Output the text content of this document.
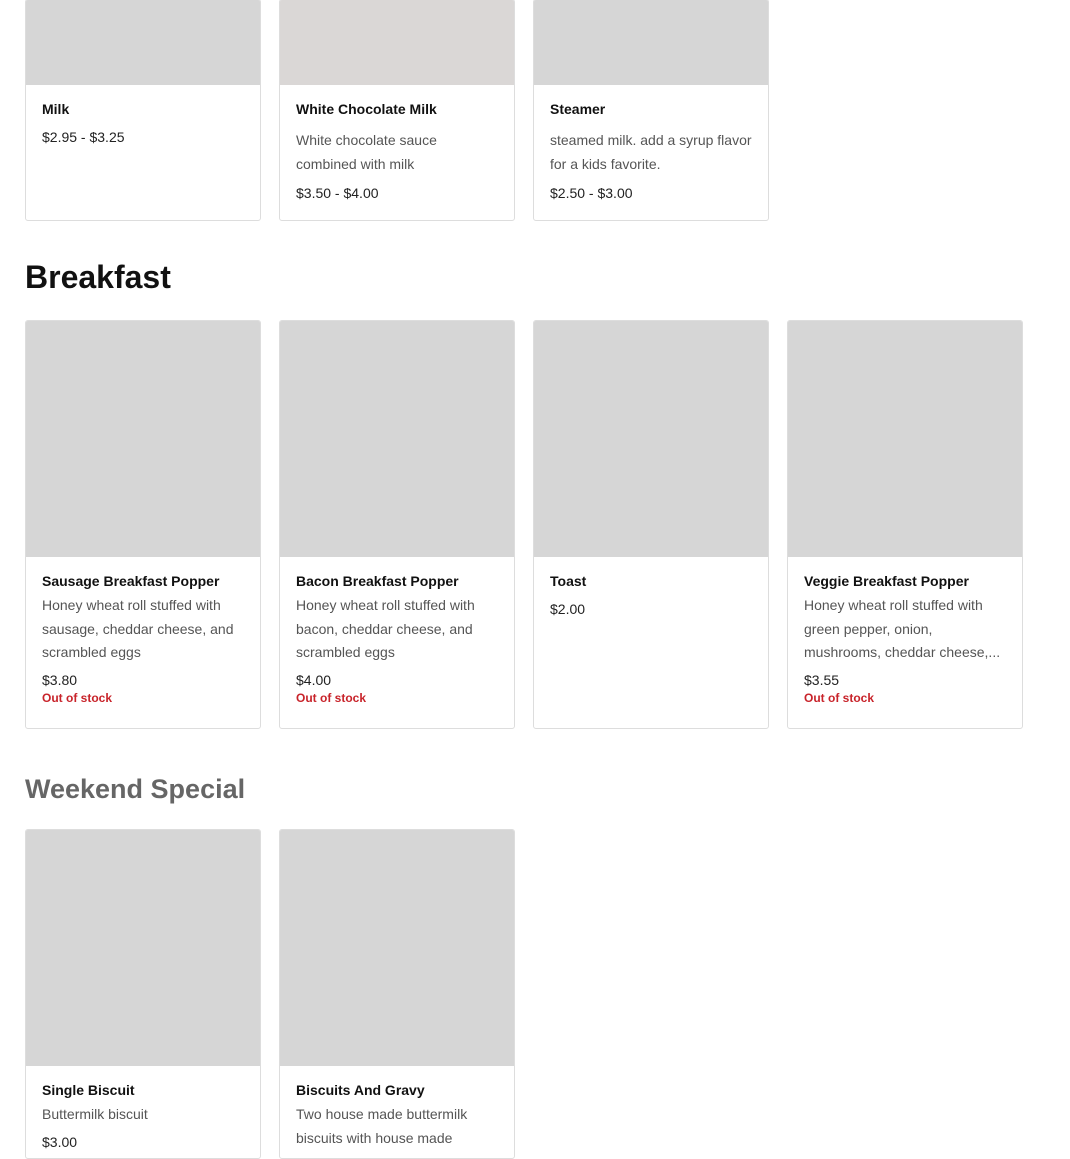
Milk

$2.95 - $3.25

White Chocolate Milk

White chocolate sauce combined with milk
$3.50 - $4.00

Steamer

steamed milk. add a syrup flavor for a kids favorite.
$2.50 - $3.00
Breakfast

Sausage Breakfast Popper

Honey wheat roll stuffed with sausage, cheddar cheese, and scrambled eggs
$3.80
Out of stock

Bacon Breakfast Popper

Honey wheat roll stuffed with bacon, cheddar cheese, and scrambled eggs
$4.00
Out of stock

Toast

$2.00

Veggie Breakfast Popper

Honey wheat roll stuffed with green pepper, onion, mushrooms, cheddar cheese,...
$3.55
Out of stock
Weekend Special

Single Biscuit

Buttermilk biscuit
$3.00

Biscuits And Gravy

Two house made buttermilk biscuits with house made
